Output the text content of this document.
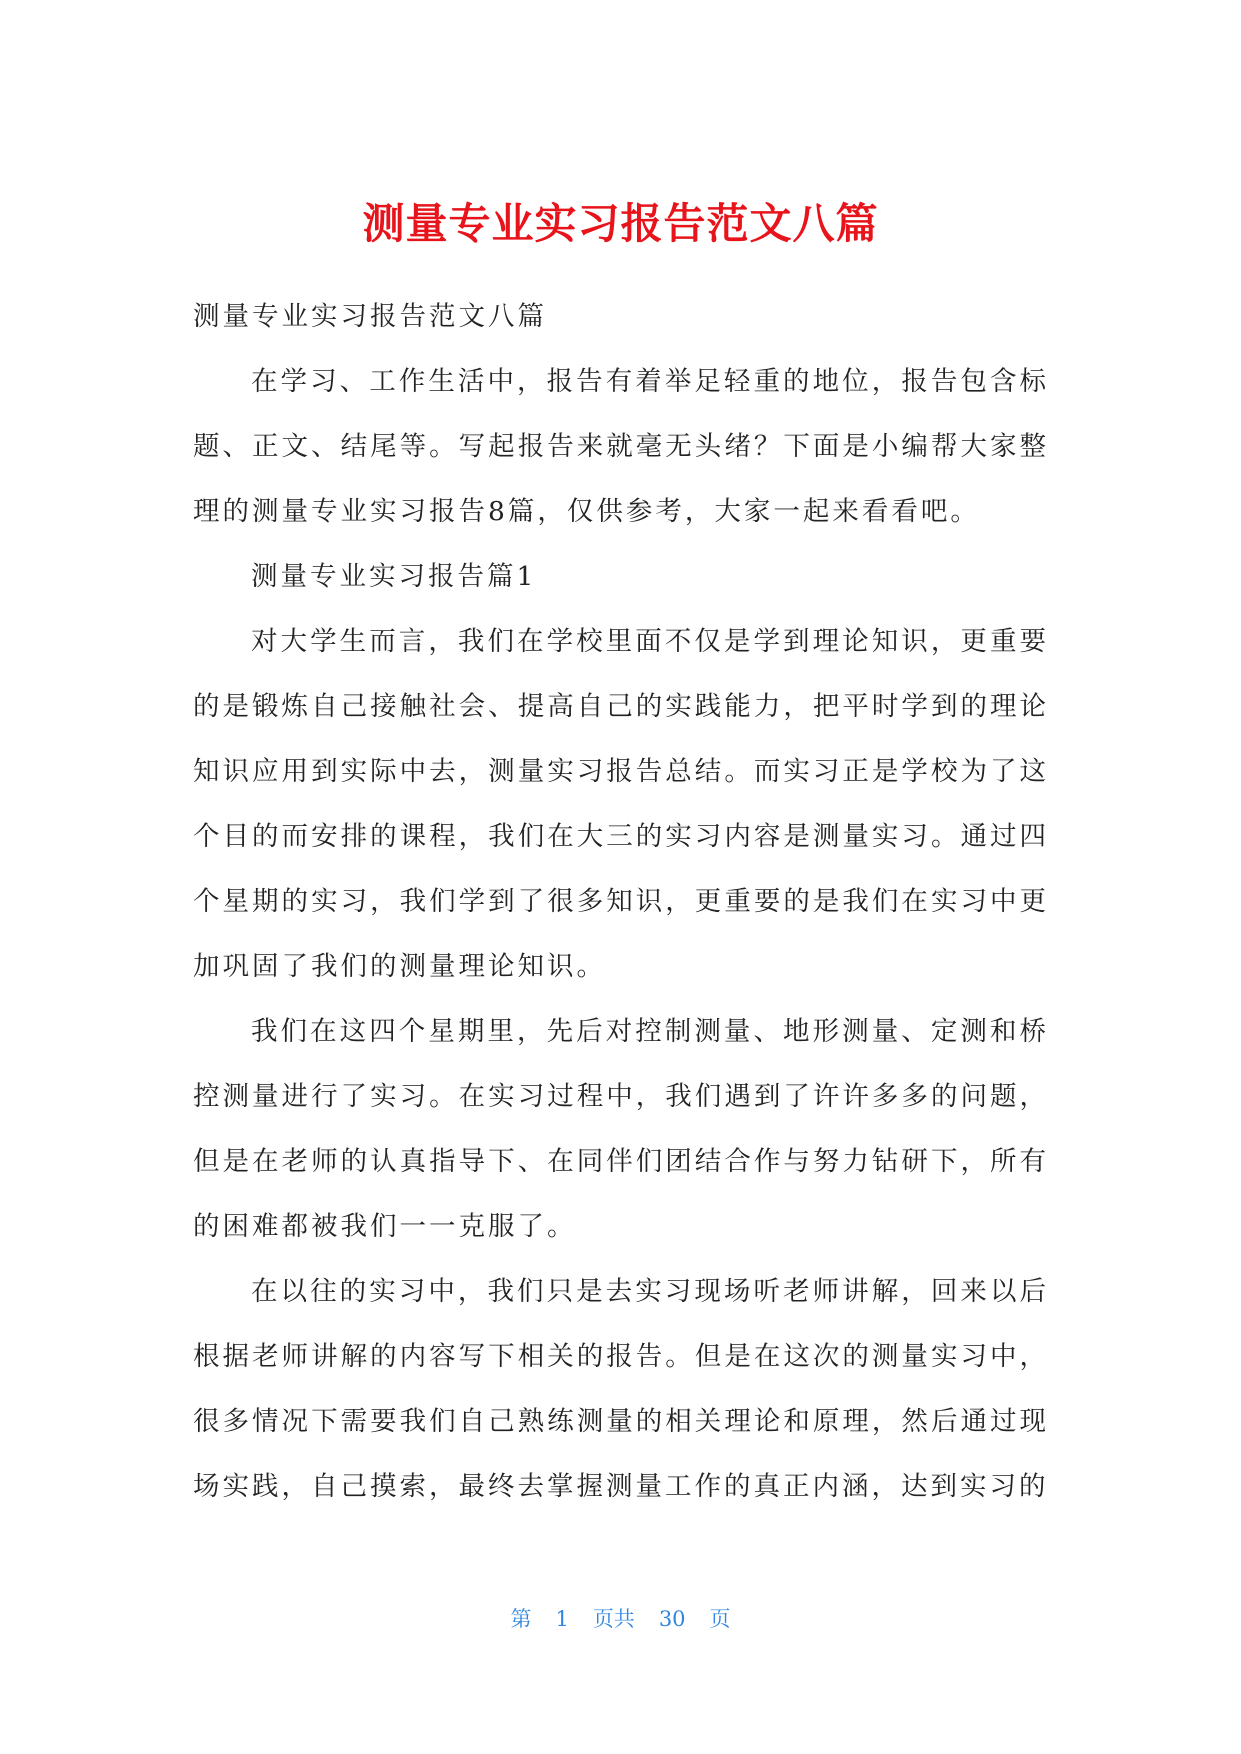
测量专业实习报告范文八篇

测量专业实习报告范文八篇

在学习、工作生活中，报告有着举足轻重的地位，报告包含标题、正文、结尾等。写起报告来就毫无头绪？下面是小编帮大家整理的测量专业实习报告8篇，仅供参考，大家一起来看看吧。

测量专业实习报告篇1

对大学生而言，我们在学校里面不仅是学到理论知识，更重要的是锻炼自己接触社会、提高自己的实践能力，把平时学到的理论知识应用到实际中去，测量实习报告总结。而实习正是学校为了这个目的而安排的课程，我们在大三的实习内容是测量实习。通过四个星期的实习，我们学到了很多知识，更重要的是我们在实习中更加巩固了我们的测量理论知识。

我们在这四个星期里，先后对控制测量、地形测量、定测和桥控测量进行了实习。在实习过程中，我们遇到了许许多多的问题，但是在老师的认真指导下、在同伴们团结合作与努力钻研下，所有的困难都被我们一一克服了。

在以往的实习中，我们只是去实习现场听老师讲解，回来以后根据老师讲解的内容写下相关的报告。但是在这次的测量实习中，很多情况下需要我们自己熟练测量的相关理论和原理，然后通过现场实践，自己摸索，最终去掌握测量工作的真正内涵，达到实习的

第 1 页共 30 页
